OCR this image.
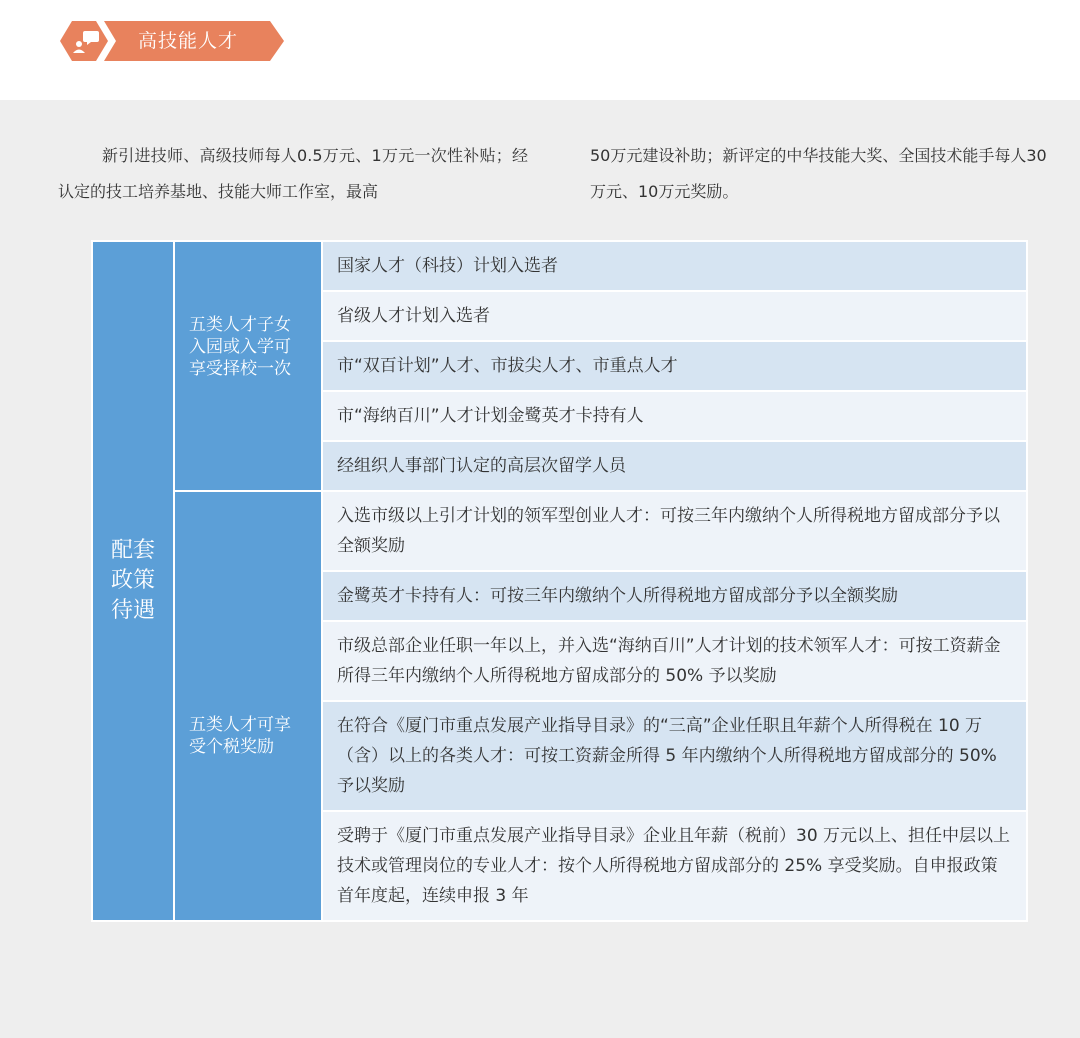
高技能人才

新引进技师、高级技师每人0.5万元、1万元一次性补贴；经认定的技工培养基地、技能大师工作室，最高

50万元建设补助；新评定的中华技能大奖、全国技术能手每人30万元、10万元奖励。

配套政策待遇	五类人才子女入园或入学可享受择校一次	国家人才（科技）计划入选者
		省级人才计划入选者
		市“双百计划”人才、市拔尖人才、市重点人才
		市“海纳百川”人才计划金鹭英才卡持有人
		经组织人事部门认定的高层次留学人员
	五类人才可享受个税奖励	入选市级以上引才计划的领军型创业人才：可按三年内缴纳个人所得税地方留成部分予以全额奖励
		金鹭英才卡持有人：可按三年内缴纳个人所得税地方留成部分予以全额奖励
		市级总部企业任职一年以上，并入选“海纳百川”人才计划的技术领军人才：可按工资薪金所得三年内缴纳个人所得税地方留成部分的 50% 予以奖励
		在符合《厦门市重点发展产业指导目录》的“三高”企业任职且年薪个人所得税在 10 万（含）以上的各类人才：可按工资薪金所得 5 年内缴纳个人所得税地方留成部分的 50% 予以奖励
		受聘于《厦门市重点发展产业指导目录》企业且年薪（税前）30 万元以上、担任中层以上技术或管理岗位的专业人才：按个人所得税地方留成部分的 25% 享受奖励。自申报政策首年度起，连续申报 3 年
